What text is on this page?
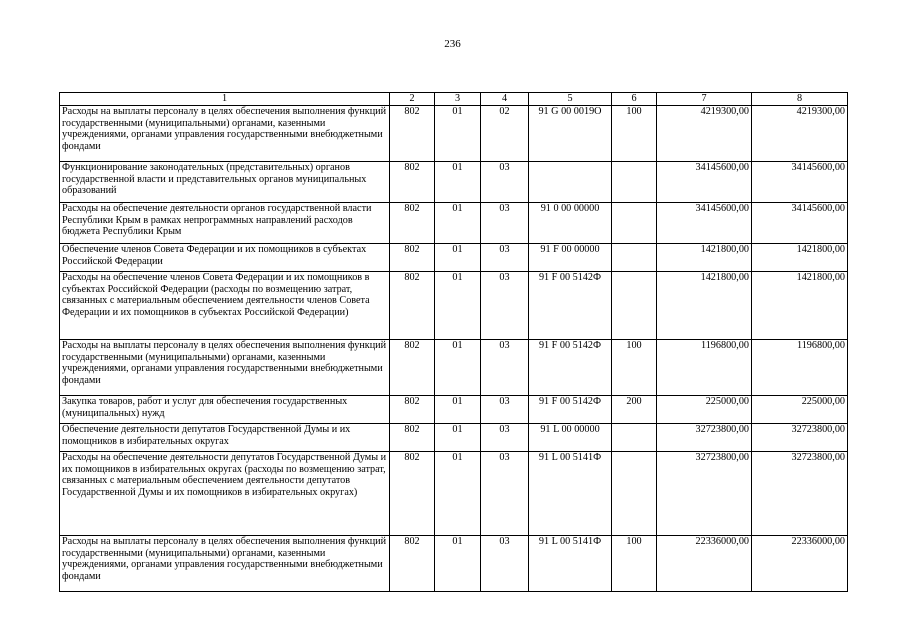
236
1	2	3	4	5	6	7	8
Расходы на выплаты персоналу в целях обеспечения выполнения функций государственными (муниципальными) органами, казенными учреждениями, органами управления государственными внебюджетными фондами	802	01	02	91 G 00 0019О	100	4219300,00	4219300,00
Функционирование законодательных (представительных) органов государственной власти и представительных органов муниципальных образований	802	01	03			34145600,00	34145600,00
Расходы на обеспечение деятельности органов государственной власти Республики Крым в рамках непрограммных направлений расходов бюджета Республики Крым	802	01	03	91 0 00 00000		34145600,00	34145600,00
Обеспечение членов Совета Федерации и их помощников в субъектах Российской Федерации	802	01	03	91 F 00 00000		1421800,00	1421800,00
Расходы на обеспечение членов Совета Федерации и их помощников в субъектах Российской Федерации (расходы по возмещению затрат, связанных с материальным обеспечением деятельности членов Совета Федерации и их помощников в субъектах Российской Федерации)	802	01	03	91 F 00 5142Ф		1421800,00	1421800,00
Расходы на выплаты персоналу в целях обеспечения выполнения функций государственными (муниципальными) органами, казенными учреждениями, органами управления государственными внебюджетными фондами	802	01	03	91 F 00 5142Ф	100	1196800,00	1196800,00
Закупка товаров, работ и услуг для обеспечения государственных (муниципальных) нужд	802	01	03	91 F 00 5142Ф	200	225000,00	225000,00
Обеспечение деятельности депутатов Государственной Думы и их помощников в избирательных округах	802	01	03	91 L 00 00000		32723800,00	32723800,00
Расходы на обеспечение деятельности депутатов Государственной Думы и их помощников в избирательных округах (расходы по возмещению затрат, связанных с материальным обеспечением деятельности депутатов Государственной Думы и их помощников в избирательных округах)	802	01	03	91 L 00 5141Ф		32723800,00	32723800,00
Расходы на выплаты персоналу в целях обеспечения выполнения функций государственными (муниципальными) органами, казенными учреждениями, органами управления государственными внебюджетными фондами	802	01	03	91 L 00 5141Ф	100	22336000,00	22336000,00
